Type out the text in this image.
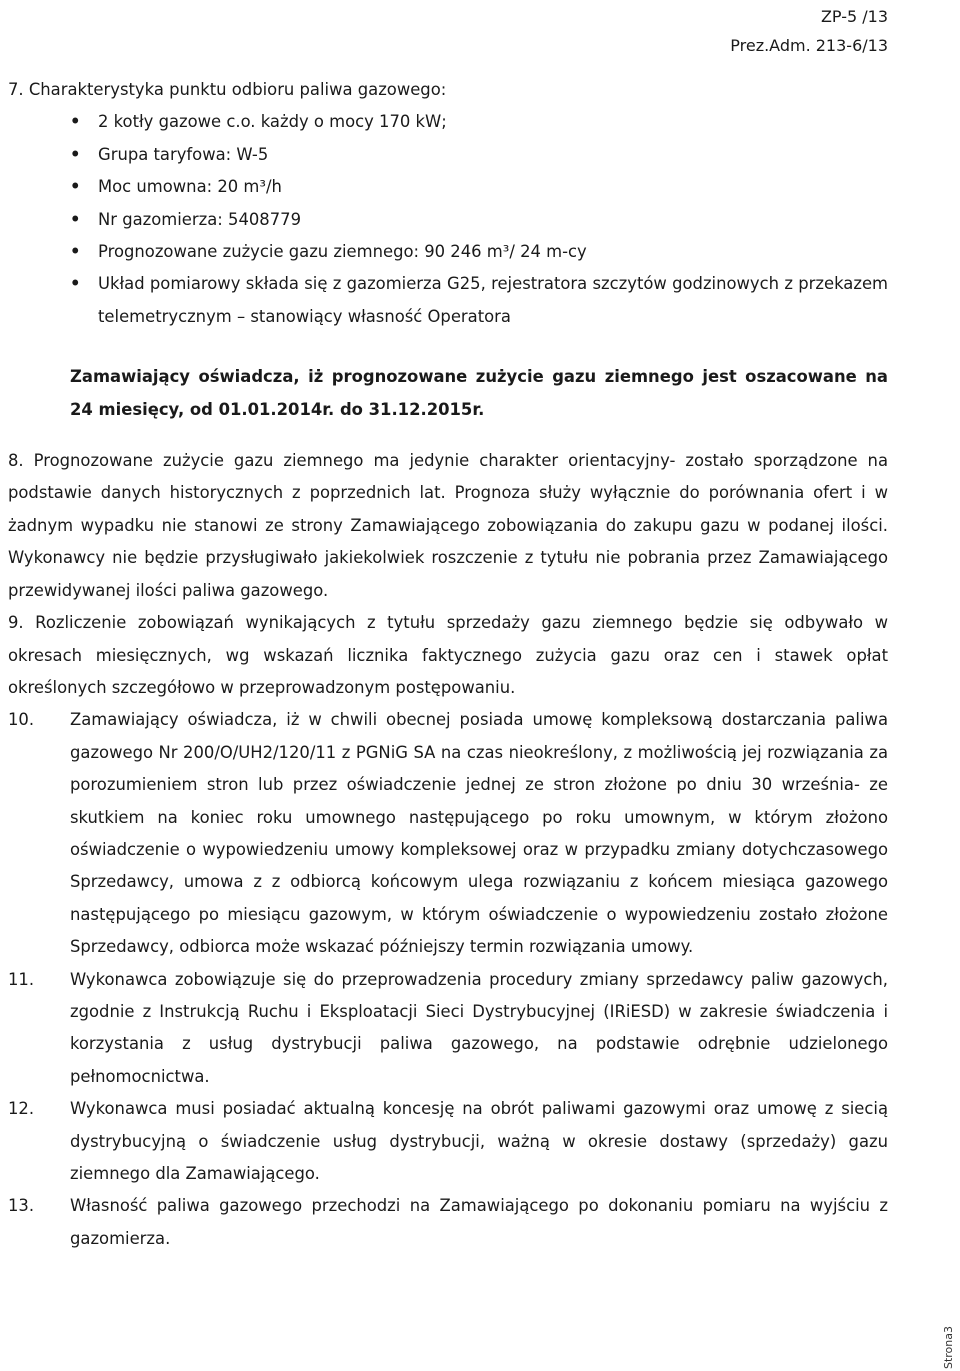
ZP-5 /13
Prez.Adm. 213-6/13
7. Charakterystyka punktu odbioru paliwa gazowego:
• 2 kotły gazowe c.o. każdy o mocy 170 kW;
• Grupa taryfowa: W-5
• Moc umowna: 20 m³/h
• Nr gazomierza: 5408779
• Prognozowane zużycie gazu ziemnego: 90 246 m³/ 24 m-cy
• Układ pomiarowy składa się z gazomierza G25, rejestratora szczytów godzinowych z przekazem telemetrycznym – stanowiący własność Operatora
Zamawiający oświadcza, iż prognozowane zużycie gazu ziemnego jest oszacowane na 24 miesięcy, od 01.01.2014r. do 31.12.2015r.
8. Prognozowane zużycie gazu ziemnego ma jedynie charakter orientacyjny- zostało sporządzone na podstawie danych historycznych z poprzednich lat. Prognoza służy wyłącznie do porównania ofert i w żadnym wypadku nie stanowi ze strony Zamawiającego zobowiązania do zakupu gazu w podanej ilości. Wykonawcy nie będzie przysługiwało jakiekolwiek roszczenie z tytułu nie pobrania przez Zamawiającego przewidywanej ilości paliwa gazowego.
9. Rozliczenie zobowiązań wynikających z tytułu sprzedaży gazu ziemnego będzie się odbywało w okresach miesięcznych, wg wskazań licznika faktycznego zużycia gazu oraz cen i stawek opłat określonych szczegółowo w przeprowadzonym postępowaniu.
10.	Zamawiający oświadcza, iż w chwili obecnej posiada umowę kompleksową dostarczania paliwa gazowego Nr 200/O/UH2/120/11 z PGNiG SA na czas nieokreślony, z możliwością jej rozwiązania za porozumieniem stron lub przez oświadczenie jednej ze stron złożone po dniu 30 września- ze skutkiem na koniec roku umownego następującego po roku umownym, w którym złożono oświadczenie o wypowiedzeniu umowy kompleksowej oraz w przypadku zmiany dotychczasowego Sprzedawcy, umowa z z odbiorcą końcowym ulega rozwiązaniu z końcem miesiąca gazowego następującego po miesiącu gazowym, w którym oświadczenie o wypowiedzeniu zostało złożone Sprzedawcy, odbiorca może wskazać późniejszy termin rozwiązania umowy.
11.	Wykonawca zobowiązuje się do przeprowadzenia procedury zmiany sprzedawcy paliw gazowych, zgodnie z Instrukcją Ruchu i Eksploatacji Sieci Dystrybucyjnej (IRiESD) w zakresie świadczenia i korzystania z usług dystrybucji paliwa gazowego, na podstawie odrębnie udzielonego pełnomocnictwa.
12.	Wykonawca musi posiadać aktualną koncesję na obrót paliwami gazowymi oraz umowę z siecią dystrybucyjną o świadczenie usług dystrybucji, ważną w okresie dostawy (sprzedaży) gazu ziemnego dla Zamawiającego.
13.	Własność paliwa gazowego przechodzi na Zamawiającego po dokonaniu pomiaru na wyjściu z gazomierza.
Strona3
